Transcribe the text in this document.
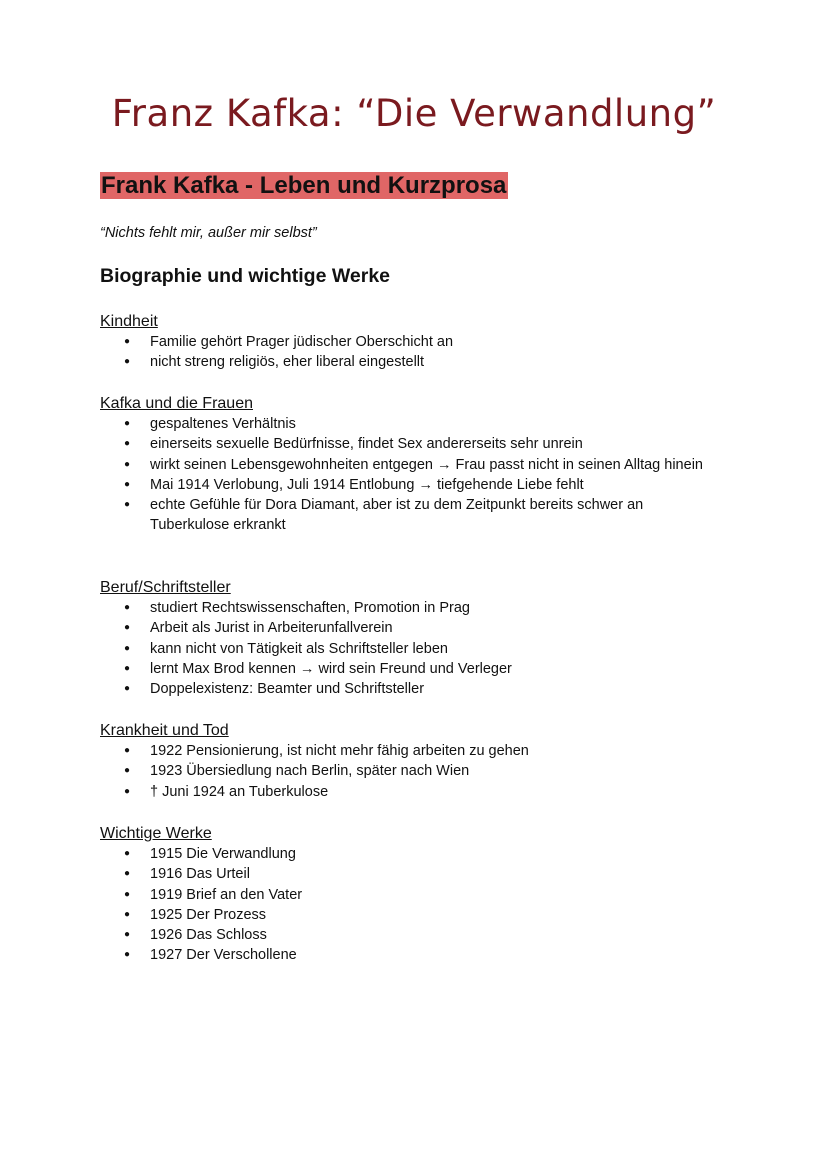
Franz Kafka: “Die Verwandlung”
Frank Kafka - Leben und Kurzprosa

“Nichts fehlt mir, außer mir selbst”

Biographie und wichtige Werke
Kindheit
● Familie gehört Prager jüdischer Oberschicht an
● nicht streng religiös, eher liberal eingestellt
Kafka und die Frauen
● gespaltenes Verhältnis
● einerseits sexuelle Bedürfnisse, findet Sex andererseits sehr unrein
● wirkt seinen Lebensgewohnheiten entgegen → Frau passt nicht in seinen Alltag hinein
● Mai 1914 Verlobung, Juli 1914 Entlobung → tiefgehende Liebe fehlt
● echte Gefühle für Dora Diamant, aber ist zu dem Zeitpunkt bereits schwer an Tuberkulose erkrankt
Beruf/Schriftsteller
● studiert Rechtswissenschaften, Promotion in Prag
● Arbeit als Jurist in Arbeiterunfallverein
● kann nicht von Tätigkeit als Schriftsteller leben
● lernt Max Brod kennen → wird sein Freund und Verleger
● Doppelexistenz: Beamter und Schriftsteller
Krankheit und Tod
● 1922 Pensionierung, ist nicht mehr fähig arbeiten zu gehen
● 1923 Übersiedlung nach Berlin, später nach Wien
● † Juni 1924 an Tuberkulose
Wichtige Werke
● 1915 Die Verwandlung
● 1916 Das Urteil
● 1919 Brief an den Vater
● 1925 Der Prozess
● 1926 Das Schloss
● 1927 Der Verschollene
